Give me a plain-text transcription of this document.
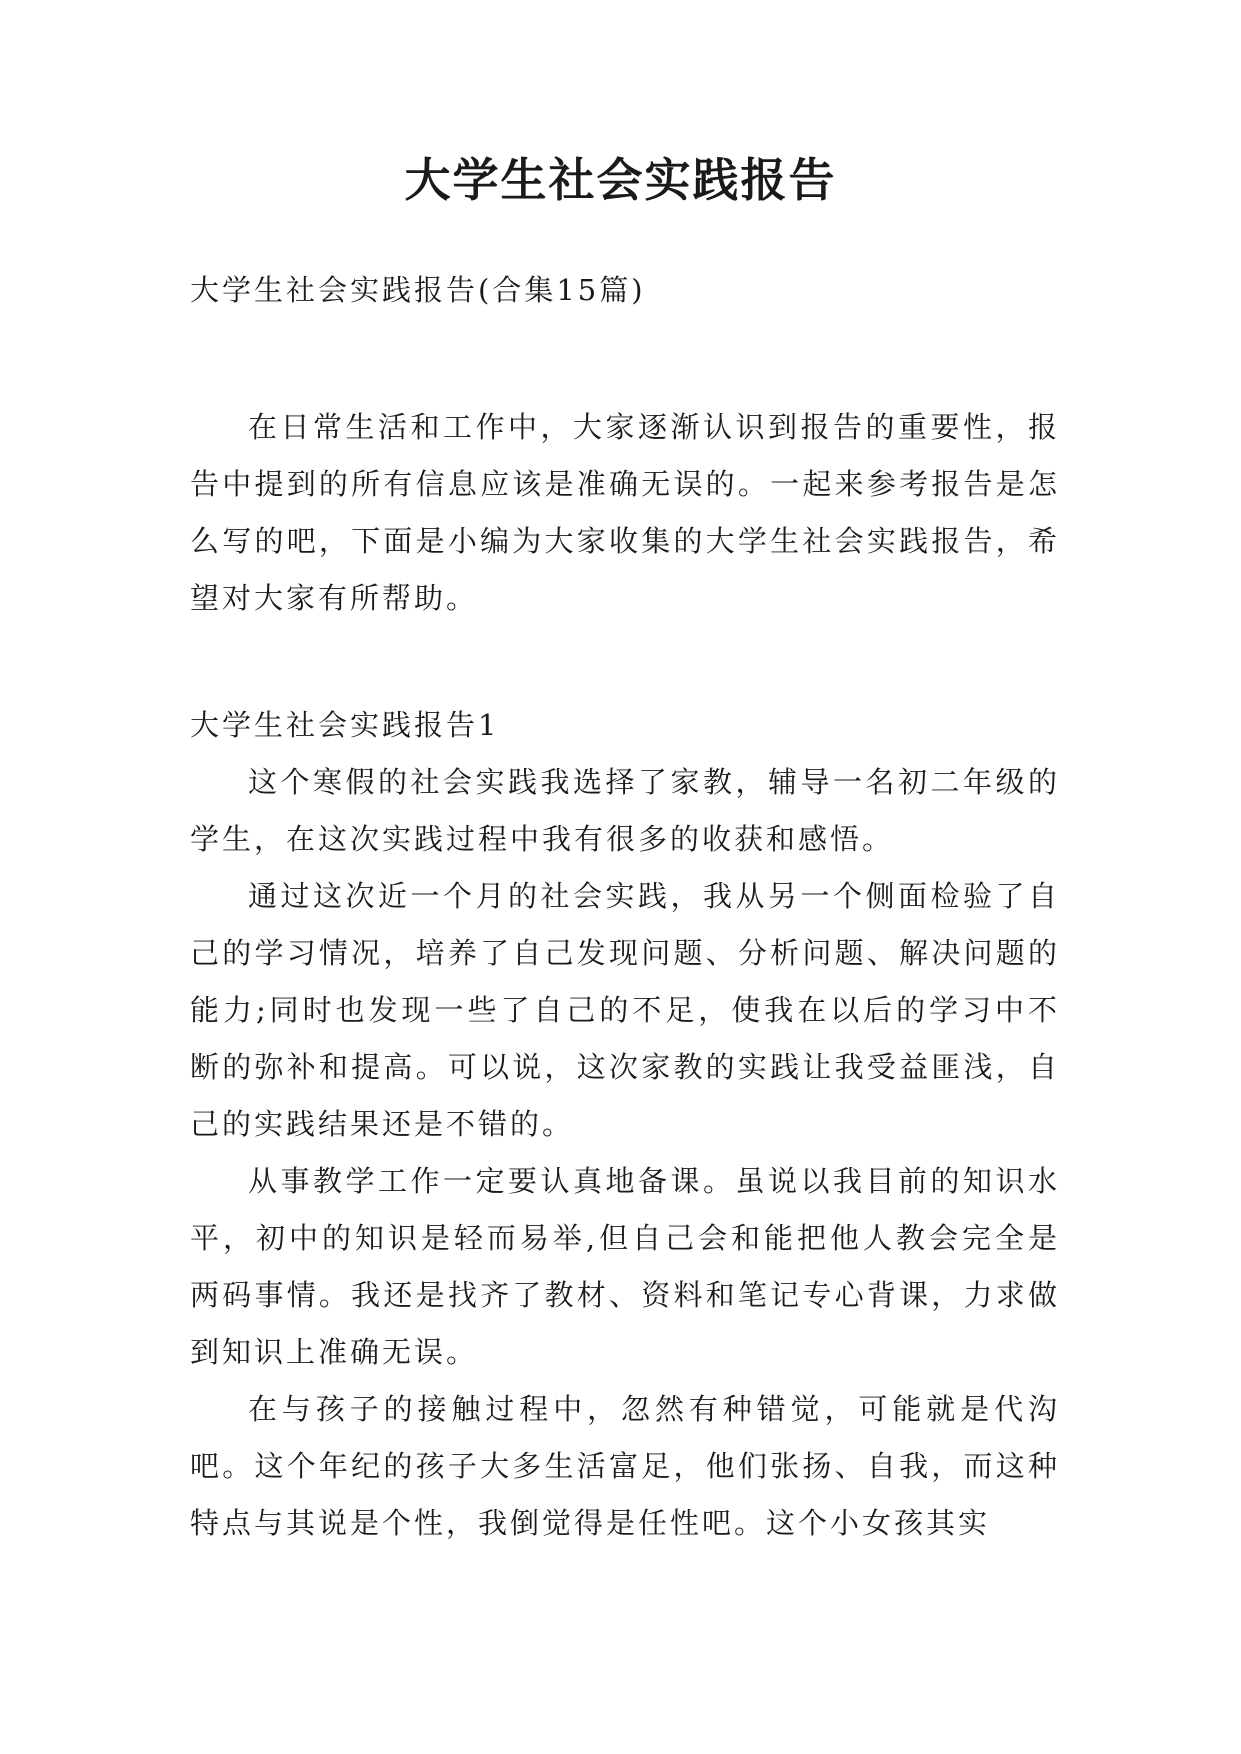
大学生社会实践报告

大学生社会实践报告(合集15篇)

在日常生活和工作中，大家逐渐认识到报告的重要性，报告中提到的所有信息应该是准确无误的。一起来参考报告是怎么写的吧，下面是小编为大家收集的大学生社会实践报告，希望对大家有所帮助。

大学生社会实践报告1

这个寒假的社会实践我选择了家教，辅导一名初二年级的学生，在这次实践过程中我有很多的收获和感悟。

通过这次近一个月的社会实践，我从另一个侧面检验了自己的学习情况，培养了自己发现问题、分析问题、解决问题的能力;同时也发现一些了自己的不足，使我在以后的学习中不断的弥补和提高。可以说，这次家教的实践让我受益匪浅，自己的实践结果还是不错的。

从事教学工作一定要认真地备课。虽说以我目前的知识水平，初中的知识是轻而易举,但自己会和能把他人教会完全是两码事情。我还是找齐了教材、资料和笔记专心背课，力求做到知识上准确无误。

在与孩子的接触过程中，忽然有种错觉，可能就是代沟吧。这个年纪的孩子大多生活富足，他们张扬、自我，而这种特点与其说是个性，我倒觉得是任性吧。这个小女孩其实
